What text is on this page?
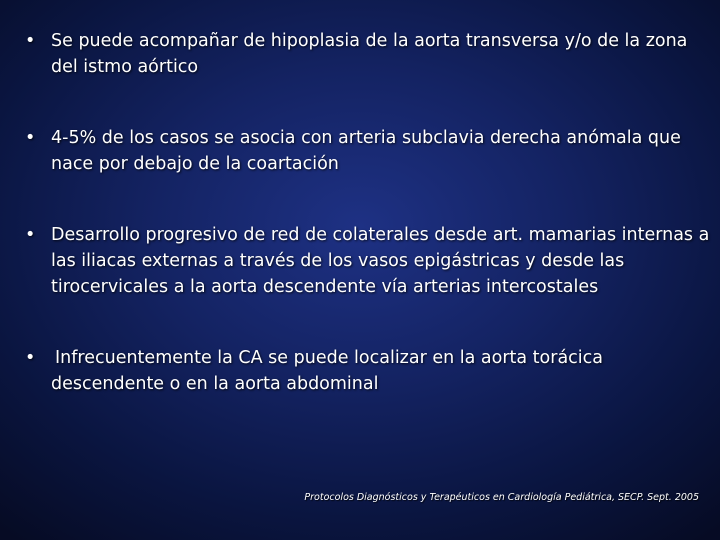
• Se puede acompañar de hipoplasia de la aorta transversa y/o de la zona del istmo aórtico
• 4-5% de los casos se asocia con arteria subclavia derecha anómala que nace por debajo de la coartación
• Desarrollo progresivo de red de colaterales desde art. mamarias internas a las iliacas externas a través de los vasos epigástricas y desde las tirocervicales a la aorta descendente vía arterias intercostales
• Infrecuentemente la CA se puede localizar en la aorta torácica descendente o en la aorta abdominal
Protocolos Diagnósticos y Terapéuticos en Cardiología Pediátrica, SECP. Sept. 2005
